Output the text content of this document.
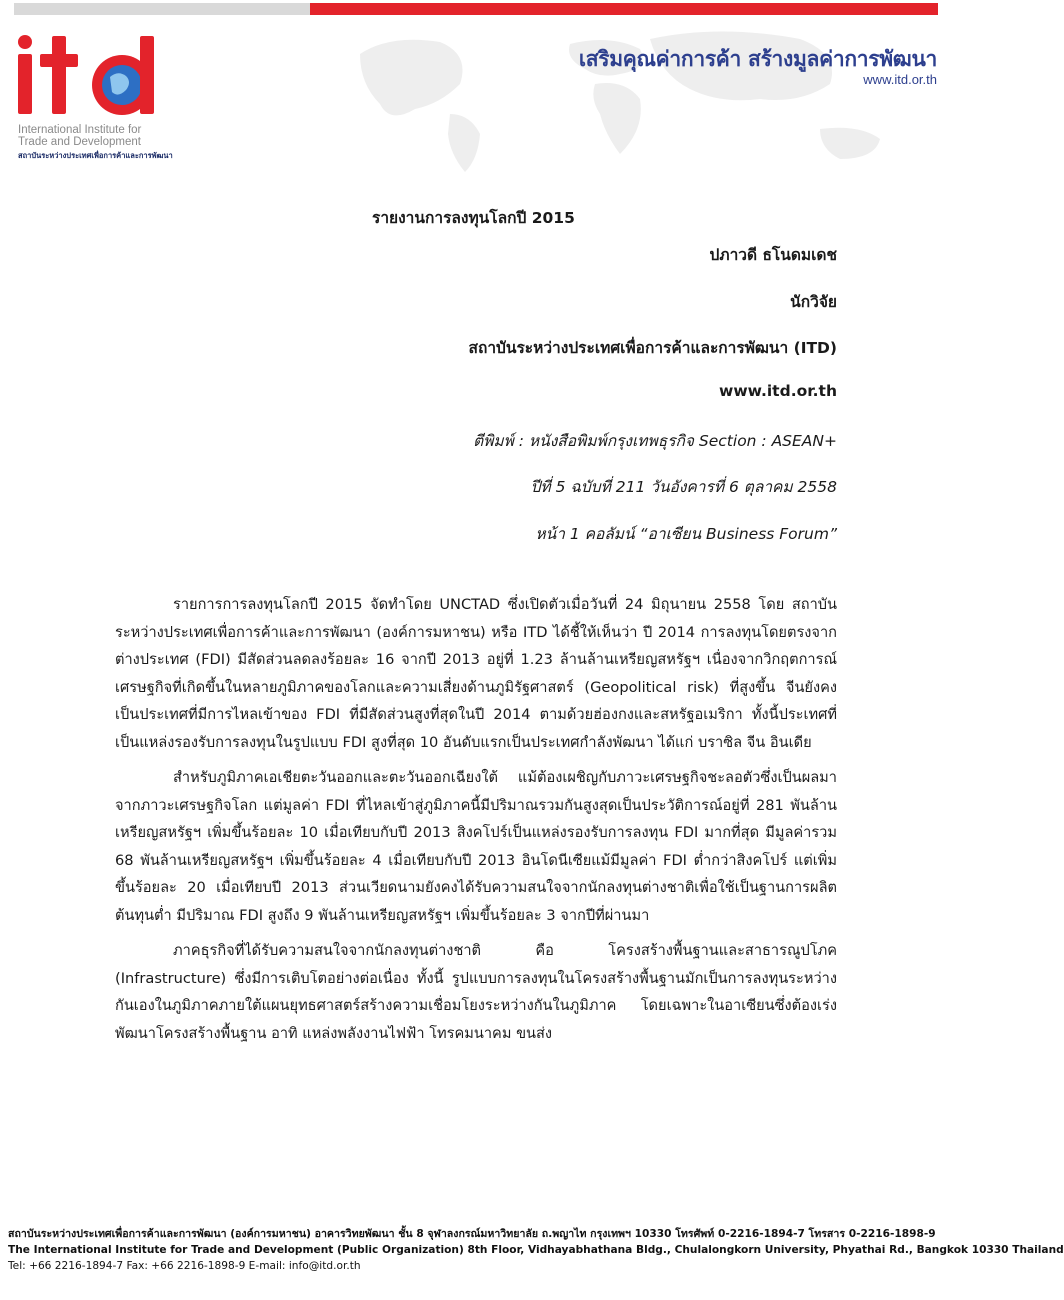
International Institute for
Trade and Development
สถาบันระหว่างประเทศเพื่อการค้าและการพัฒนา
เสริมคุณค่าการค้า สร้างมูลค่าการพัฒนา
www.itd.or.th
รายงานการลงทุนโลกปี 2015
ปภาวดี ธโนดมเดช
นักวิจัย
สถาบันระหว่างประเทศเพื่อการค้าและการพัฒนา (ITD)
www.itd.or.th
ตีพิมพ์ : หนังสือพิมพ์กรุงเทพธุรกิจ Section : ASEAN+
ปีที่ 5 ฉบับที่ 211 วันอังคารที่ 6 ตุลาคม 2558
หน้า 1 คอลัมน์ “อาเซียน Business Forum”

รายการการลงทุนโลกปี 2015 จัดทำโดย UNCTAD ซึ่งเปิดตัวเมื่อวันที่ 24 มิถุนายน 2558 โดย สถาบันระหว่างประเทศเพื่อการค้าและการพัฒนา (องค์การมหาชน) หรือ ITD ได้ชี้ให้เห็นว่า ปี 2014 การลงทุนโดยตรงจากต่างประเทศ (FDI) มีสัดส่วนลดลงร้อยละ 16 จากปี 2013 อยู่ที่ 1.23 ล้านล้านเหรียญสหรัฐฯ เนื่องจากวิกฤตการณ์เศรษฐกิจที่เกิดขึ้นในหลายภูมิภาคของโลกและความเสี่ยงด้านภูมิรัฐศาสตร์ (Geopolitical risk) ที่สูงขึ้น จีนยังคงเป็นประเทศที่มีการไหลเข้าของ FDI ที่มีสัดส่วนสูงที่สุดในปี 2014 ตามด้วยฮ่องกงและสหรัฐอเมริกา ทั้งนี้ประเทศที่เป็นแหล่งรองรับการลงทุนในรูปแบบ FDI สูงที่สุด 10 อันดับแรกเป็นประเทศกำลังพัฒนา ได้แก่ บราซิล จีน อินเดีย

สำหรับภูมิภาคเอเชียตะวันออกและตะวันออกเฉียงใต้ แม้ต้องเผชิญกับภาวะเศรษฐกิจชะลอตัวซึ่งเป็นผลมาจากภาวะเศรษฐกิจโลก แต่มูลค่า FDI ที่ไหลเข้าสู่ภูมิภาคนี้มีปริมาณรวมกันสูงสุดเป็นประวัติการณ์อยู่ที่ 281 พันล้านเหรียญสหรัฐฯ เพิ่มขึ้นร้อยละ 10 เมื่อเทียบกับปี 2013 สิงคโปร์เป็นแหล่งรองรับการลงทุน FDI มากที่สุด มีมูลค่ารวม 68 พันล้านเหรียญสหรัฐฯ เพิ่มขึ้นร้อยละ 4 เมื่อเทียบกับปี 2013 อินโดนีเซียแม้มีมูลค่า FDI ต่ำกว่าสิงคโปร์ แต่เพิ่มขึ้นร้อยละ 20 เมื่อเทียบปี 2013 ส่วนเวียดนามยังคงได้รับความสนใจจากนักลงทุนต่างชาติเพื่อใช้เป็นฐานการผลิตต้นทุนต่ำ มีปริมาณ FDI สูงถึง 9 พันล้านเหรียญสหรัฐฯ เพิ่มขึ้นร้อยละ 3 จากปีที่ผ่านมา

ภาคธุรกิจที่ได้รับความสนใจจากนักลงทุนต่างชาติ คือ โครงสร้างพื้นฐานและสาธารณูปโภค (Infrastructure) ซึ่งมีการเติบโตอย่างต่อเนื่อง ทั้งนี้ รูปแบบการลงทุนในโครงสร้างพื้นฐานมักเป็นการลงทุนระหว่างกันเองในภูมิภาคภายใต้แผนยุทธศาสตร์สร้างความเชื่อมโยงระหว่างกันในภูมิภาค โดยเฉพาะในอาเซียนซึ่งต้องเร่งพัฒนาโครงสร้างพื้นฐาน อาทิ แหล่งพลังงานไฟฟ้า โทรคมนาคม ขนส่ง

สถาบันระหว่างประเทศเพื่อการค้าและการพัฒนา (องค์การมหาชน) อาคารวิทยพัฒนา ชั้น 8 จุฬาลงกรณ์มหาวิทยาลัย ถ.พญาไท กรุงเทพฯ 10330 โทรศัพท์ 0-2216-1894-7 โทรสาร 0-2216-1898-9
The International Institute for Trade and Development (Public Organization) 8th Floor, Vidhayabhathana Bldg., Chulalongkorn University, Phyathai Rd., Bangkok 10330 Thailand
Tel: +66 2216-1894-7 Fax: +66 2216-1898-9 E-mail: info@itd.or.th
